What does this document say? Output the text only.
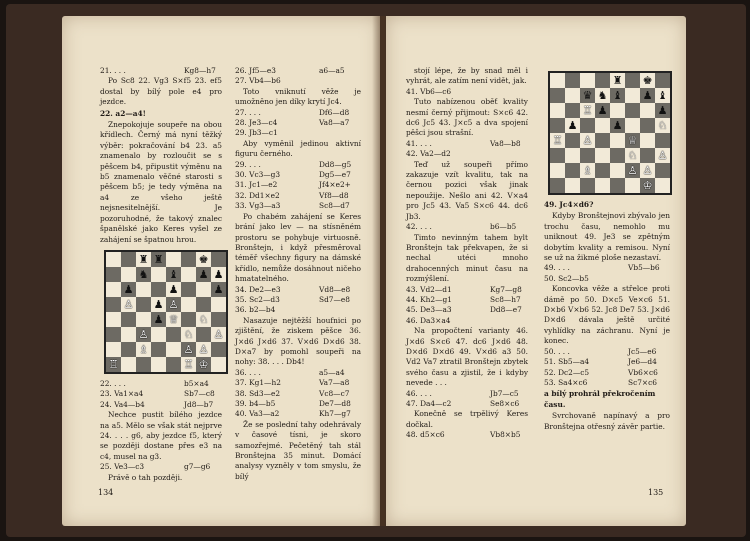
21. . . .	Kg8—h7
Po Sc8 22. Vg3 S×f5 23. ef5 dostal by bílý pole e4 pro jezdce.
22. a2—a4!
Znepokojuje soupeře na obou křídlech. Černý má nyní těžký výběr: pokračování b4 23. a5 znamenalo by rozloučit se s pěšcem b4, připustit výměnu na b5 znamenalo věčné starosti s pěšcem b5; je tedy výměna na a4 ze všeho ještě nejsnesitelnější. Je pozoruhodné, že takový znalec španělské jako Keres vyšel ze zahájení se špatnou hrou.
♜ ♜	♚
♞ ♝ ♟ ♟
♟	♟	♟
♙ ♟ ♙
♟ ♕ ♘
♙	♘ ♙
♗	♙ ♙
♖	♖ ♔
22. . . .	b5×a4
23. Va1×a4	Sb7—c8
24. Va4—b4	Jd8—b7
Nechce pustit bílého jezdce na a5. Mělo se však stát nejprve 24. . . . g6, aby jezdce f5, který se později dostane přes e3 na c4, musel na g3.
25. Ve3—c3	g7—g6
Právě o tah později.
26. Jf5—e3	a6—a5
27. Vb4—b6
Toto vniknutí věže je umožněno jen díky krytí Jc4.
27. . . .	Df6—d8
28. Je3—c4	Va8—a7
29. Jb3—c1
Aby vyměnil jedinou aktivní figuru černého.
29. . . .	Dd8—g5
30. Vc3—g3	Dg5—e7
31. Jc1—e2	Jf4×e2+
32. Dd1×e2	Vf8—d8
33. Vg3—a3	Sc8—d7
Po chabém zahájení se Keres brání jako lev — na stísněném prostoru se pohybuje virtuosně. Bronštejn, i když přesměroval téměř všechny figury na dámské křídlo, nemůže dosáhnout ničeho hmatatelného.
34. De2—e3	Vd8—e8
35. Sc2—d3	Sd7—e8
36. b2—b4
Nasazuje nejtěžší houfnici po zjištění, že ziskem pěšce 36. J×d6 J×d6 37. V×d6 D×d6 38. D×a7 by pomohl soupeři na nohy: 38. . . . Db4!
36. . . .	a5—a4
37. Kg1—h2	Va7—a8
38. Sd3—e2	Vc8—c7
39. b4—b5	De7—d8
40. Va3—a2	Kh7—g7
Že se poslední tahy odehrávaly v časové tísni, je skoro samozřejmé. Pečetěný tah stál Bronštejna 35 minut. Domácí analysy vyzněly v tom smyslu, že bílý
134
stojí lépe, že by snad měl i vyhrát, ale zatím není vidět, jak.
41. Vb6—c6
Tuto nabízenou oběť kvality nesmí černý přijmout: S×c6 42. dc6 Jc5 43. J×c5 a dva spojení pěšci jsou strašní.
41. . . .	Va8—b8
42. Va2—d2
Teď už soupeři přímo zakazuje vzít kvalitu, tak na černou pozici však jinak nepoužije. Nešlo ani 42. V×a4 pro Jc5 43. Va5 S×c6 44. dc6 Jb3.
42. . . .	b6—b5
Timto nevinným tahem bylt Bronštejn tak překvapen, že si nechal utéci mnoho drahocenných minut času na rozmýšlení.
43. Vd2—d1	Kg7—g8
44. Kh2—g1	Sc8—h7
45. De3—a3	Dd8—e7
46. Da3×a4
Na propočtení varianty 46. J×d6 S×c6 47. dc6 J×d6 48. D×d6 D×d6 49. V×d6 a3 50. Vd2 Va7 ztratil Bronštejn zbytek svého času a zjistil, že i kdyby nevede . . .
46. . . .	Jb7—c5
47. Da4—c2	Se8×c6
Konečně se trpělivý Keres dočkal.
48. d5×c6	Vb8×b5
♜ ♚
♛ ♞ ♝ ♟ ♝
♖ ♟	♟
♟	♟	♘
♖ ♙	♕
♘ ♙
♗	♙ ♙
♔
49. Jc4×d6?
Kdyby Bronštejnovi zbývalo jen trochu času, nemohlo mu uniknout 49. Je3 se zpětným dobytím kvality a remisou. Nyní se už na žikmé ploše nezastaví.
49. . . .	Vb5—b6
50. Sc2—b5
Koncovka věže a střelce proti dámě po 50. D×c5 Ve×c6 51. D×b6 V×b6 52. Jc8 De7 53. J×d6 D×d6 dávala ještě určité vyhlídky na záchranu. Nyní je konec.
50. . . .	Jc5—e6
51. Sb5—a4	Je6—d4
52. Dc2—c5	Vb6×c6
53. Sa4×c6	Sc7×c6
a bílý prohrál překročením času.
Svrchovaně napínavý a pro Bronštejna otřesný závěr partie.
135
